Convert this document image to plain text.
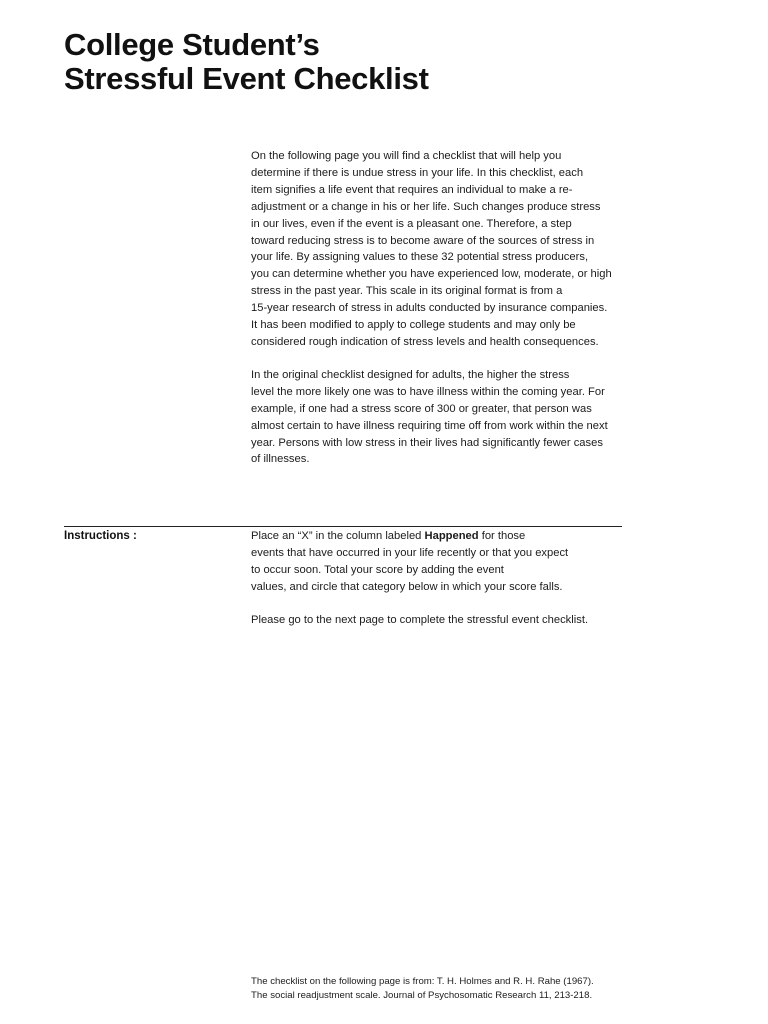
College Student’s
Stressful Event Checklist

On the following page you will find a checklist that will help you
determine if there is undue stress in your life. In this checklist, each
item signifies a life event that requires an individual to make a re-
adjustment or a change in his or her life. Such changes produce stress
in our lives, even if the event is a pleasant one. Therefore, a step
toward reducing stress is to become aware of the sources of stress in
your life. By assigning values to these 32 potential stress producers,
you can determine whether you have experienced low, moderate, or high
stress in the past year. This scale in its original format is from a
15-year research of stress in adults conducted by insurance companies.
It has been modified to apply to college students and may only be
considered rough indication of stress levels and health consequences.

In the original checklist designed for adults, the higher the stress
level the more likely one was to have illness within the coming year. For
example, if one had a stress score of 300 or greater, that person was
almost certain to have illness requiring time off from work within the next
year. Persons with low stress in their lives had significantly fewer cases
of illnesses.

Instructions :	Place an “X” in the column labeled Happened for those
events that have occurred in your life recently or that you expect
to occur soon. Total your score by adding the event
values, and circle that category below in which your score falls.

Please go to the next page to complete the stressful event checklist.

The checklist on the following page is from: T. H. Holmes and R. H. Rahe (1967).
The social readjustment scale. Journal of Psychosomatic Research 11, 213-218.
